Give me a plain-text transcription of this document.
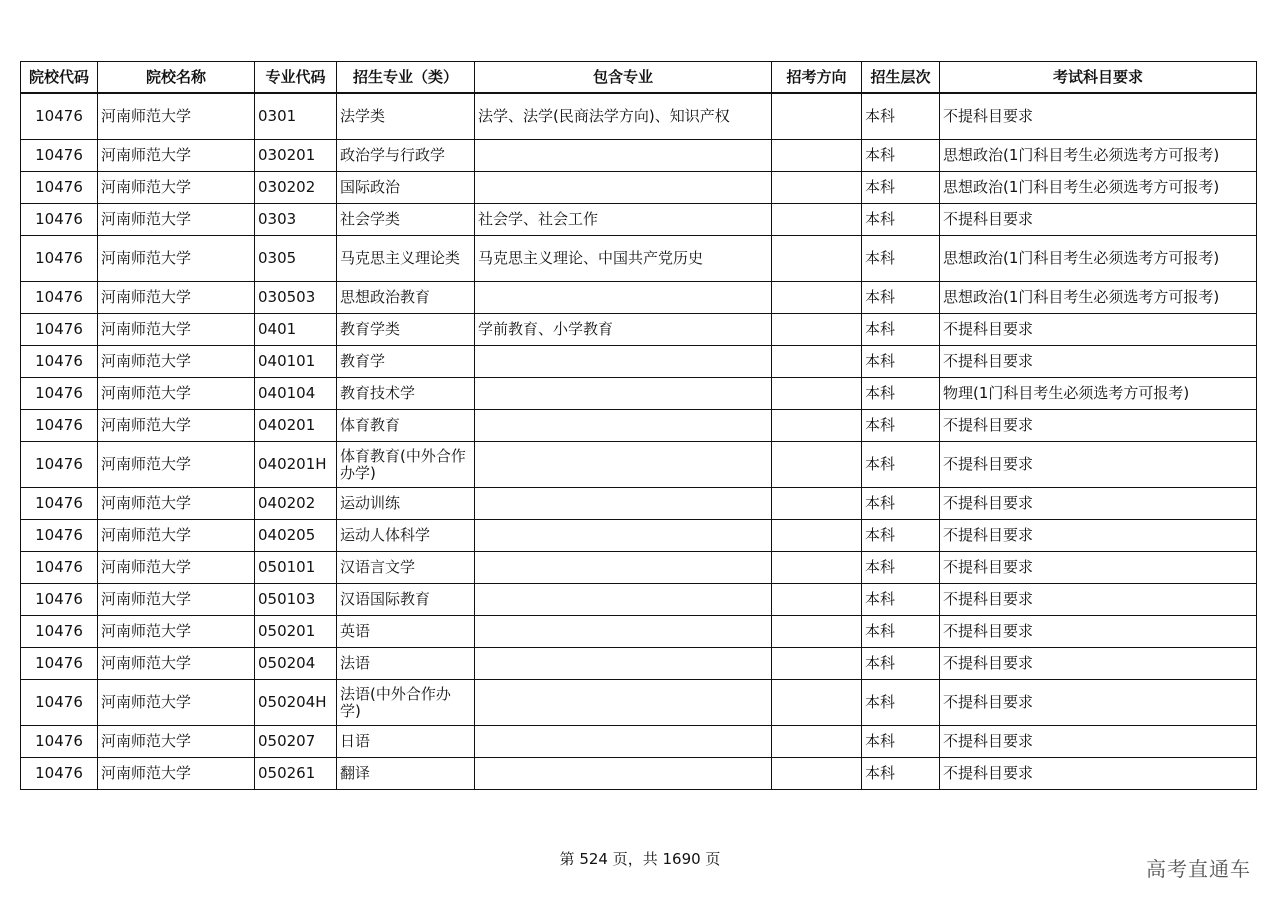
院校代码	院校名称	专业代码	招生专业（类）	包含专业	招考方向	招生层次	考试科目要求
10476	河南师范大学	0301	法学类	法学、法学(民商法学方向)、知识产权		本科	不提科目要求
10476	河南师范大学	030201	政治学与行政学			本科	思想政治(1门科目考生必须选考方可报考)
10476	河南师范大学	030202	国际政治			本科	思想政治(1门科目考生必须选考方可报考)
10476	河南师范大学	0303	社会学类	社会学、社会工作		本科	不提科目要求
10476	河南师范大学	0305	马克思主义理论类	马克思主义理论、中国共产党历史		本科	思想政治(1门科目考生必须选考方可报考)
10476	河南师范大学	030503	思想政治教育			本科	思想政治(1门科目考生必须选考方可报考)
10476	河南师范大学	0401	教育学类	学前教育、小学教育		本科	不提科目要求
10476	河南师范大学	040101	教育学			本科	不提科目要求
10476	河南师范大学	040104	教育技术学			本科	物理(1门科目考生必须选考方可报考)
10476	河南师范大学	040201	体育教育			本科	不提科目要求
10476	河南师范大学	040201H	体育教育(中外合作办学)			本科	不提科目要求
10476	河南师范大学	040202	运动训练			本科	不提科目要求
10476	河南师范大学	040205	运动人体科学			本科	不提科目要求
10476	河南师范大学	050101	汉语言文学			本科	不提科目要求
10476	河南师范大学	050103	汉语国际教育			本科	不提科目要求
10476	河南师范大学	050201	英语			本科	不提科目要求
10476	河南师范大学	050204	法语			本科	不提科目要求
10476	河南师范大学	050204H	法语(中外合作办学)			本科	不提科目要求
10476	河南师范大学	050207	日语			本科	不提科目要求
10476	河南师范大学	050261	翻译			本科	不提科目要求
第 524 页，共 1690 页	高考直通车
